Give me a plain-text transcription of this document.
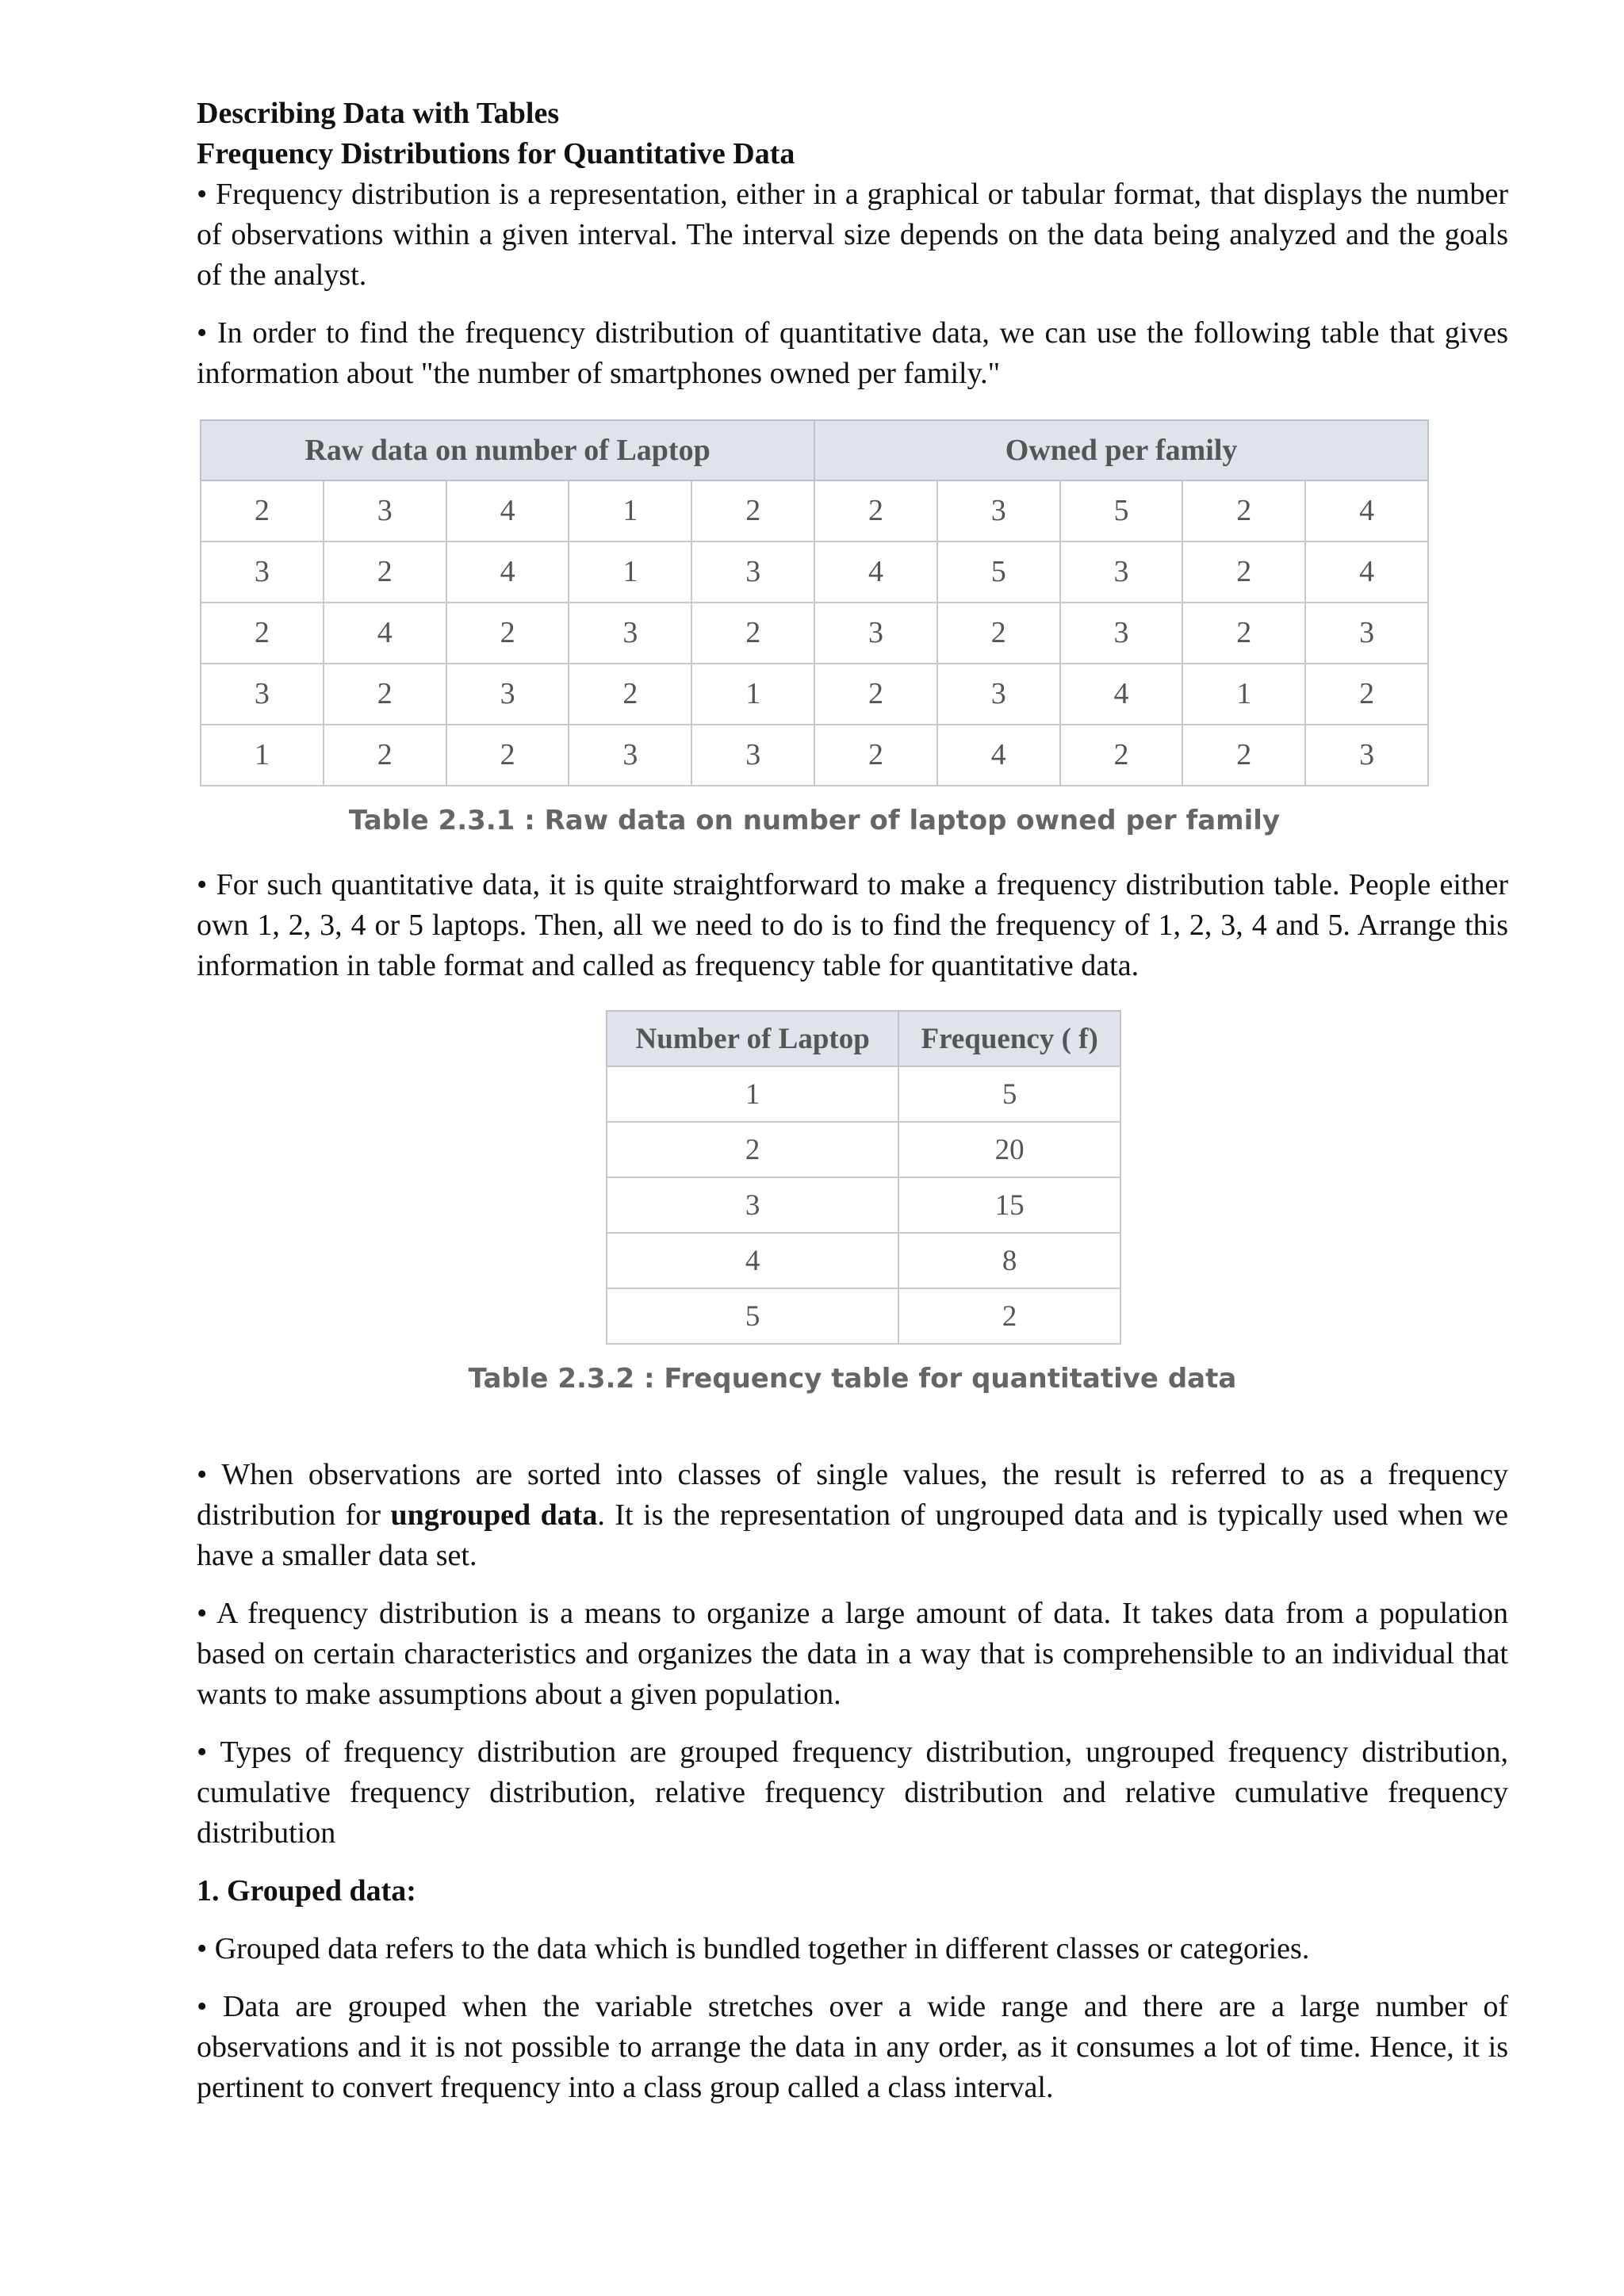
Describing Data with Tables
Frequency Distributions for Quantitative Data

• Frequency distribution is a representation, either in a graphical or tabular format, that displays the number of observations within a given interval. The interval size depends on the data being analyzed and the goals of the analyst.

• In order to find the frequency distribution of quantitative data, we can use the following table that gives information about "the number of smartphones owned per family."

Raw data on number of Laptop					Owned per family				
2	3	4	1	2	2	3	5	2	4
3	2	4	1	3	4	5	3	2	4
2	4	2	3	2	3	2	3	2	3
3	2	3	2	1	2	3	4	1	2
1	2	2	3	3	2	4	2	2	3
Table 2.3.1 : Raw data on number of laptop owned per family

• For such quantitative data, it is quite straightforward to make a frequency distribution table. People either own 1, 2, 3, 4 or 5 laptops. Then, all we need to do is to find the frequency of 1, 2, 3, 4 and 5. Arrange this information in table format and called as frequency table for quantitative data.

Number of Laptop	Frequency ( f)
1	5
2	20
3	15
4	8
5	2
Table 2.3.2 : Frequency table for quantitative data

• When observations are sorted into classes of single values, the result is referred to as a frequency distribution for ungrouped data. It is the representation of ungrouped data and is typically used when we have a smaller data set.

• A frequency distribution is a means to organize a large amount of data. It takes data from a population based on certain characteristics and organizes the data in a way that is comprehensible to an individual that wants to make assumptions about a given population.

• Types of frequency distribution are grouped frequency distribution, ungrouped frequency distribution, cumulative frequency distribution, relative frequency distribution and relative cumulative frequency distribution

1. Grouped data:

• Grouped data refers to the data which is bundled together in different classes or categories.

• Data are grouped when the variable stretches over a wide range and there are a large number of observations and it is not possible to arrange the data in any order, as it consumes a lot of time. Hence, it is pertinent to convert frequency into a class group called a class interval.
